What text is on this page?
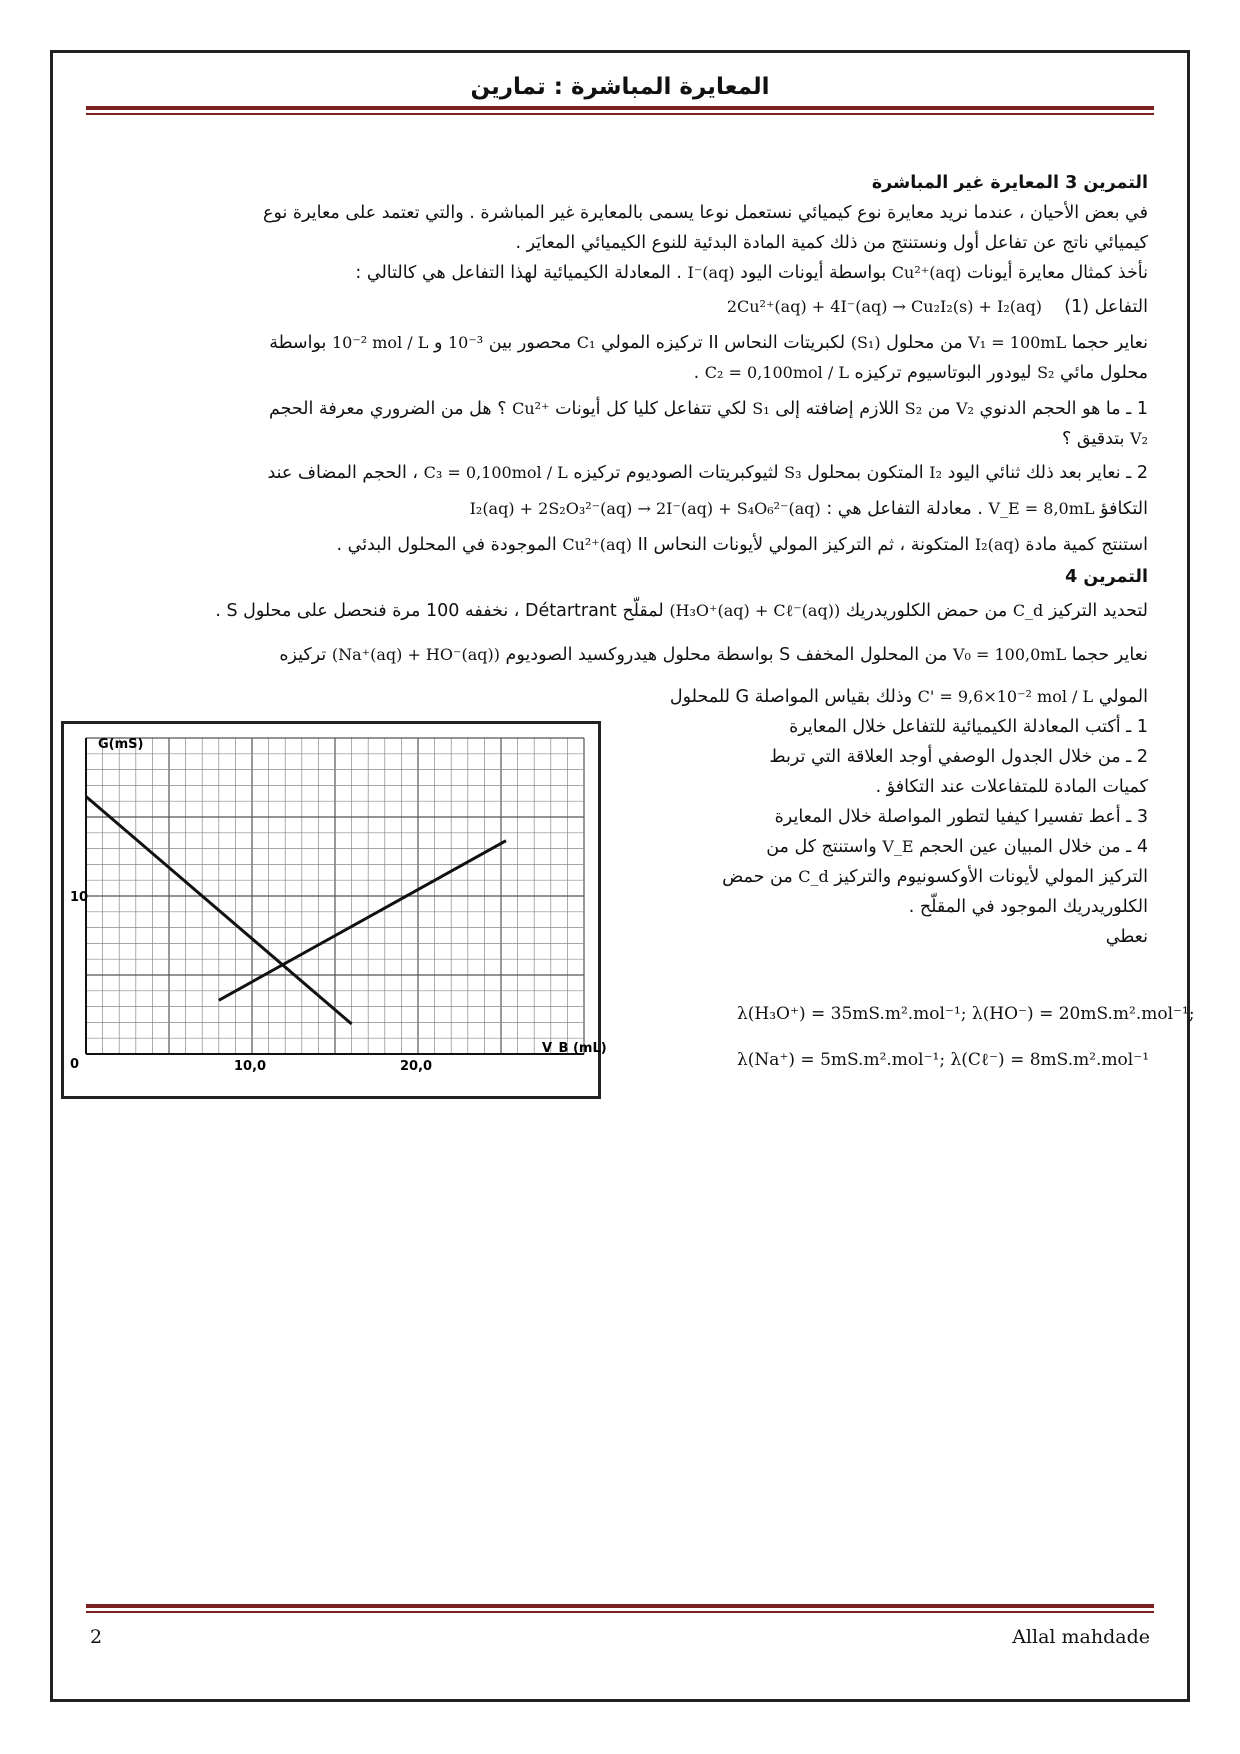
المعايرة المباشرة : تمارين

التمرين 3 المعايرة غير المباشرة

في بعض الأحيان ، عندما نريد معايرة نوع كيميائي نستعمل نوعا يسمى بالمعايرة غير المباشرة . والتي تعتمد على معايرة نوع

كيميائي ناتج عن تفاعل أول ونستنتج من ذلك كمية المادة البدئية للنوع الكيميائي المعايَر .

نأخذ كمثال معايرة أيونات Cu²⁺(aq) بواسطة أيونات اليود I⁻(aq) . المعادلة الكيميائية لهذا التفاعل هي كالتالي :

التفاعل (1)    2Cu²⁺(aq) + 4I⁻(aq) → Cu₂I₂(s) + I₂(aq)

نعاير حجما V₁ = 100mL من محلول (S₁) لكبريتات النحاس II تركيزه المولي C₁ محصور بين 10⁻³ و 10⁻² mol / L بواسطة

محلول مائي S₂ ليودور البوتاسيوم تركيزه C₂ = 0,100mol / L .

1 ـ ما هو الحجم الدنوي V₂ من S₂ اللازم إضافته إلى S₁ لكي تتفاعل كليا كل أيونات Cu²⁺ ؟ هل من الضروري معرفة الحجم

V₂ بتدقيق ؟

2 ـ نعاير بعد ذلك ثنائي اليود I₂ المتكون بمحلول S₃ لثيوكبريتات الصوديوم تركيزه C₃ = 0,100mol / L ، الحجم المضاف عند

التكافؤ V_E = 8,0mL . معادلة التفاعل هي : I₂(aq) + 2S₂O₃²⁻(aq) → 2I⁻(aq) + S₄O₆²⁻(aq)

استنتج كمية مادة I₂(aq) المتكونة ، ثم التركيز المولي لأيونات النحاس II Cu²⁺(aq) الموجودة في المحلول البدئي .

التمرين 4

لتحديد التركيز C_d من حمض الكلوريدريك (H₃O⁺(aq) + Cℓ⁻(aq)) لمقلّح Détartrant ، نخففه 100 مرة فنحصل على محلول S .

نعاير حجما V₀ = 100,0mL من المحلول المخفف S بواسطة محلول هيدروكسيد الصوديوم (Na⁺(aq) + HO⁻(aq)) تركيزه

المولي C' = 9,6×10⁻² mol / L وذلك بقياس المواصلة G للمحلول

1 ـ أكتب المعادلة الكيميائية للتفاعل خلال المعايرة

2 ـ من خلال الجدول الوصفي أوجد العلاقة التي تربط

كميات المادة للمتفاعلات عند التكافؤ .

3 ـ أعط تفسيرا كيفيا لتطور المواصلة خلال المعايرة

4 ـ من خلال المبيان عين الحجم V_E واستنتج كل من

التركيز المولي لأيونات الأوكسونيوم والتركيز C_d من حمض

الكلوريدريك الموجود في المقلّح .

نعطي

λ(H₃O⁺) = 35mS.m².mol⁻¹; λ(HO⁻) = 20mS.m².mol⁻¹;
λ(Na⁺) = 5mS.m².mol⁻¹; λ(Cℓ⁻) = 8mS.m².mol⁻¹
10,0	20,0
0
10
G(mS)
V_B (mL)
2	Allal mahdade
